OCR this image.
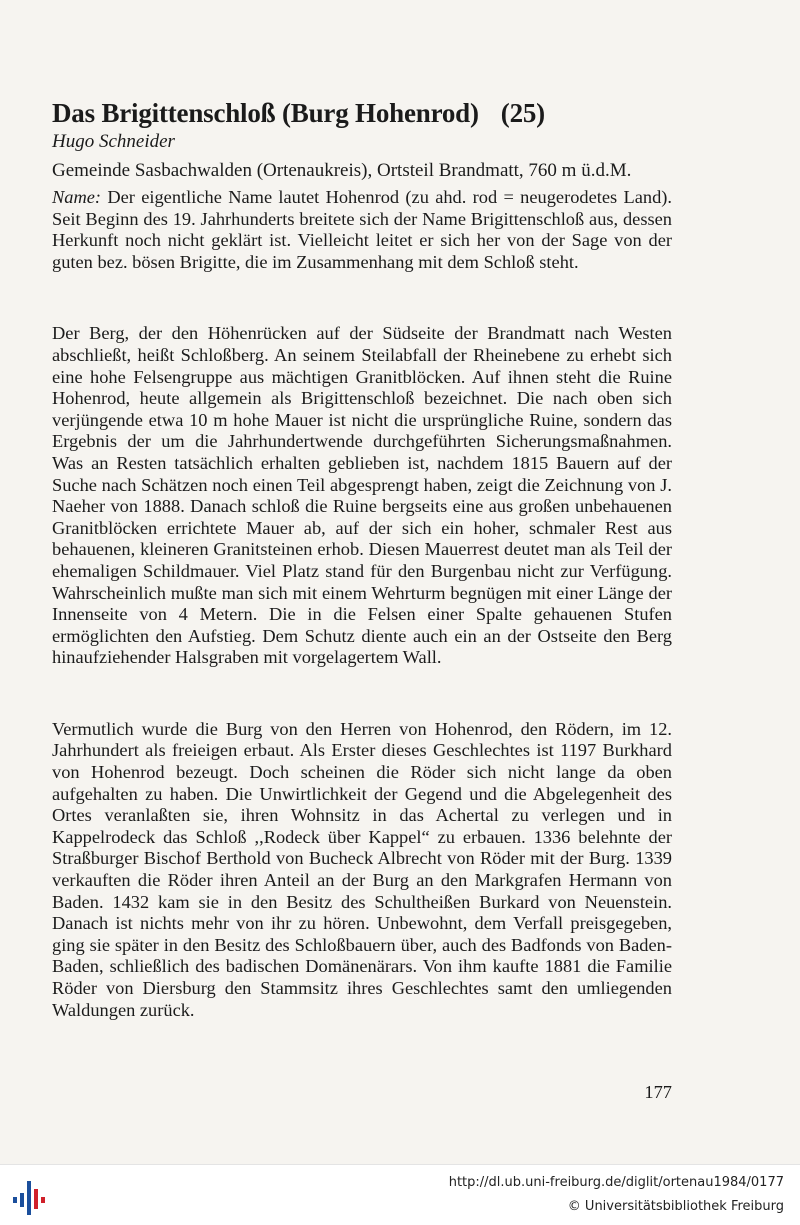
Das Brigittenschloß (Burg Hohenrod) (25)
Hugo Schneider
Gemeinde Sasbachwalden (Ortenaukreis), Ortsteil Brandmatt, 760 m ü.d.M.

Name: Der eigentliche Name lautet Hohenrod (zu ahd. rod = neugerodetes Land). Seit Beginn des 19. Jahrhunderts breitete sich der Name Brigittenschloß aus, dessen Herkunft noch nicht geklärt ist. Vielleicht leitet er sich her von der Sage von der guten bez. bösen Brigitte, die im Zusammenhang mit dem Schloß steht.

Der Berg, der den Höhenrücken auf der Südseite der Brandmatt nach Westen abschließt, heißt Schloßberg. An seinem Steilabfall der Rheinebene zu erhebt sich eine hohe Felsengruppe aus mächtigen Granitblöcken. Auf ihnen steht die Ruine Hohenrod, heute allgemein als Brigittenschloß bezeichnet. Die nach oben sich verjüngende etwa 10 m hohe Mauer ist nicht die ursprüngliche Ruine, sondern das Ergebnis der um die Jahrhundertwende durchgeführten Sicherungsmaßnahmen. Was an Resten tatsächlich erhalten geblieben ist, nachdem 1815 Bauern auf der Suche nach Schätzen noch einen Teil abgesprengt haben, zeigt die Zeichnung von J. Naeher von 1888. Danach schloß die Ruine bergseits eine aus großen unbehauenen Granitblöcken errichtete Mauer ab, auf der sich ein hoher, schmaler Rest aus behauenen, kleineren Granitsteinen erhob. Diesen Mauerrest deutet man als Teil der ehemaligen Schildmauer. Viel Platz stand für den Burgenbau nicht zur Verfügung. Wahrscheinlich mußte man sich mit einem Wehrturm begnügen mit einer Länge der Innenseite von 4 Metern. Die in die Felsen einer Spalte gehauenen Stufen ermöglichten den Aufstieg. Dem Schutz diente auch ein an der Ostseite den Berg hinaufziehender Halsgraben mit vorgelagertem Wall.

Vermutlich wurde die Burg von den Herren von Hohenrod, den Rödern, im 12. Jahrhundert als freieigen erbaut. Als Erster dieses Geschlechtes ist 1197 Burkhard von Hohenrod bezeugt. Doch scheinen die Röder sich nicht lange da oben aufgehalten zu haben. Die Unwirtlichkeit der Gegend und die Abgelegenheit des Ortes veranlaßten sie, ihren Wohnsitz in das Achertal zu verlegen und in Kappelrodeck das Schloß ,,Rodeck über Kappel“ zu erbauen. 1336 belehnte der Straßburger Bischof Berthold von Bucheck Albrecht von Röder mit der Burg. 1339 verkauften die Röder ihren Anteil an der Burg an den Markgrafen Hermann von Baden. 1432 kam sie in den Besitz des Schultheißen Burkard von Neuenstein. Danach ist nichts mehr von ihr zu hören. Unbewohnt, dem Verfall preisgegeben, ging sie später in den Besitz des Schloßbauern über, auch des Badfonds von Baden-Baden, schließlich des badischen Domänenärars. Von ihm kaufte 1881 die Familie Röder von Diersburg den Stammsitz ihres Geschlechtes samt den umliegenden Waldungen zurück.

177
http://dl.ub.uni-freiburg.de/diglit/ortenau1984/0177
© Universitätsbibliothek Freiburg
